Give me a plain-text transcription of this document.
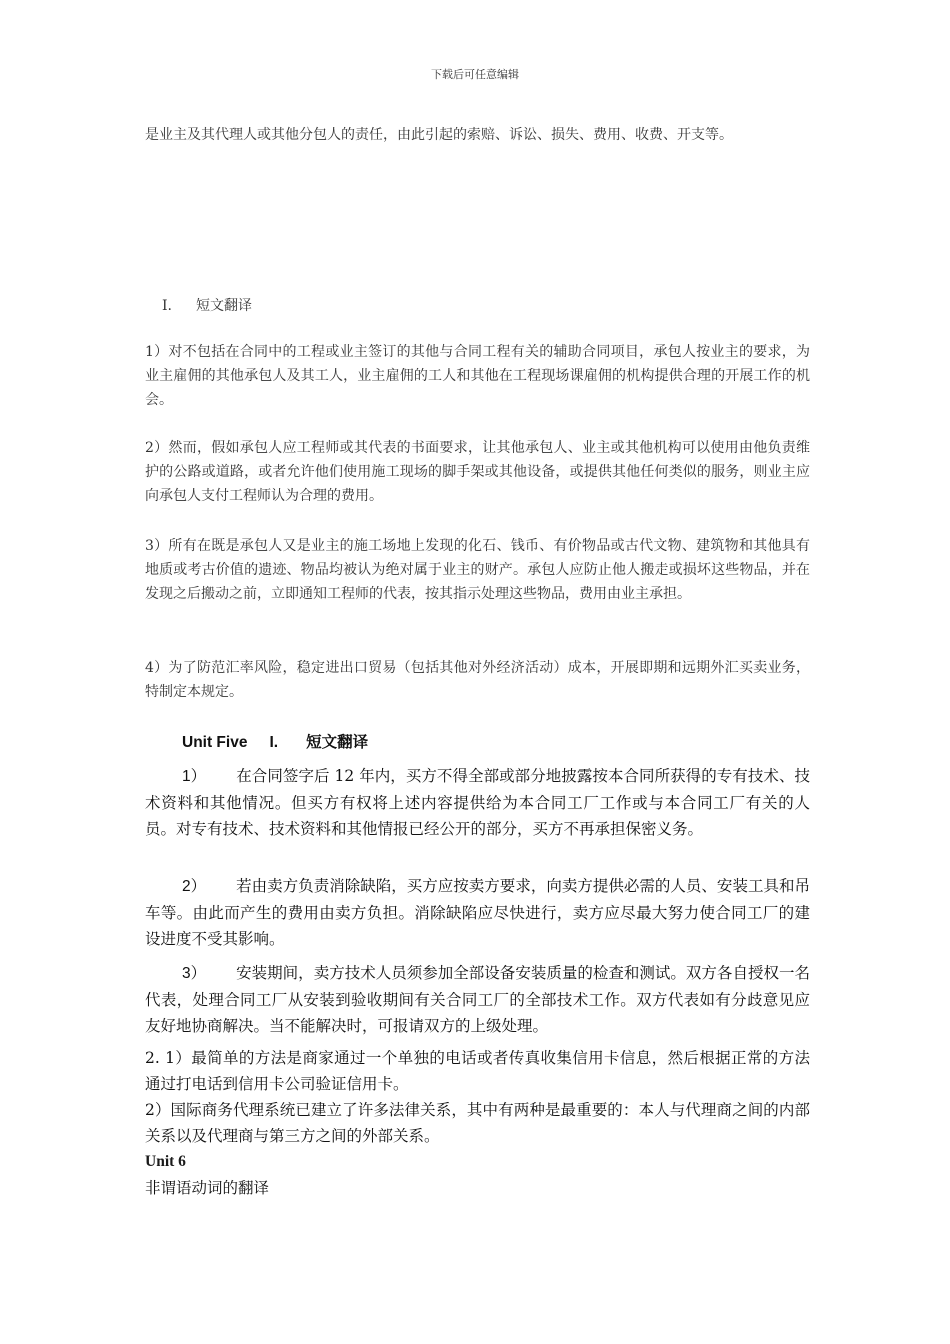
下载后可任意编辑
是业主及其代理人或其他分包人的责任，由此引起的索赔、诉讼、损失、费用、收费、开支等。
I. 短文翻译
1）对不包括在合同中的工程或业主签订的其他与合同工程有关的辅助合同项目，承包人按业主的要求，为业主雇佣的其他承包人及其工人，业主雇佣的工人和其他在工程现场课雇佣的机构提供合理的开展工作的机会。
2）然而，假如承包人应工程师或其代表的书面要求，让其他承包人、业主或其他机构可以使用由他负责维护的公路或道路，或者允许他们使用施工现场的脚手架或其他设备，或提供其他任何类似的服务，则业主应向承包人支付工程师认为合理的费用。
3）所有在既是承包人又是业主的施工场地上发现的化石、钱币、有价物品或古代文物、建筑物和其他具有地质或考古价值的遗迹、物品均被认为绝对属于业主的财产。承包人应防止他人搬走或损坏这些物品，并在发现之后搬动之前，立即通知工程师的代表，按其指示处理这些物品，费用由业主承担。
4）为了防范汇率风险，稳定进出口贸易（包括其他对外经济活动）成本，开展即期和远期外汇买卖业务，特制定本规定。
Unit Five I. 短文翻译
1） 在合同签字后 12 年内，买方不得全部或部分地披露按本合同所获得的专有技术、技术资料和其他情况。但买方有权将上述内容提供给为本合同工厂工作或与本合同工厂有关的人员。对专有技术、技术资料和其他情报已经公开的部分，买方不再承担保密义务。
2） 若由卖方负责消除缺陷，买方应按卖方要求，向卖方提供必需的人员、安装工具和吊车等。由此而产生的费用由卖方负担。消除缺陷应尽快进行，卖方应尽最大努力使合同工厂的建设进度不受其影响。
3） 安装期间，卖方技术人员须参加全部设备安装质量的检查和测试。双方各自授权一名代表，处理合同工厂从安装到验收期间有关合同工厂的全部技术工作。双方代表如有分歧意见应友好地协商解决。当不能解决时，可报请双方的上级处理。
2. 1）最简单的方法是商家通过一个单独的电话或者传真收集信用卡信息，然后根据正常的方法通过打电话到信用卡公司验证信用卡。
2）国际商务代理系统已建立了许多法律关系，其中有两种是最重要的：本人与代理商之间的内部关系以及代理商与第三方之间的外部关系。
Unit 6
非谓语动词的翻译
